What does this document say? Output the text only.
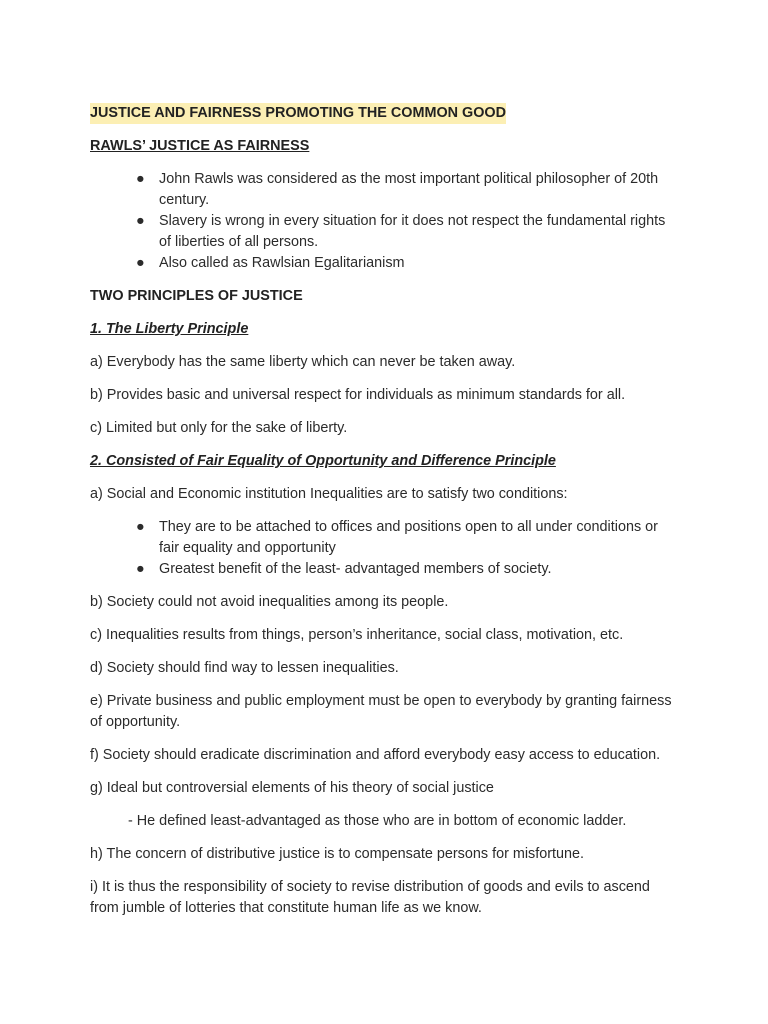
JUSTICE AND FAIRNESS PROMOTING THE COMMON GOOD

RAWLS’ JUSTICE AS FAIRNESS

● John Rawls was considered as the most important political philosopher of 20th century.
● Slavery is wrong in every situation for it does not respect the fundamental rights of liberties of all persons.
● Also called as Rawlsian Egalitarianism

TWO PRINCIPLES OF JUSTICE

1. The Liberty Principle

a) Everybody has the same liberty which can never be taken away.

b) Provides basic and universal respect for individuals as minimum standards for all.

c) Limited but only for the sake of liberty.

2. Consisted of Fair Equality of Opportunity and Difference Principle

a) Social and Economic institution Inequalities are to satisfy two conditions:

● They are to be attached to offices and positions open to all under conditions or fair equality and opportunity
● Greatest benefit of the least- advantaged members of society.

b) Society could not avoid inequalities among its people.

c) Inequalities results from things, person’s inheritance, social class, motivation, etc.

d) Society should find way to lessen inequalities.

e) Private business and public employment must be open to everybody by granting fairness of opportunity.

f) Society should eradicate discrimination and afford everybody easy access to education.

g) Ideal but controversial elements of his theory of social justice

- He defined least-advantaged as those who are in bottom of economic ladder.

h) The concern of distributive justice is to compensate persons for misfortune.

i) It is thus the responsibility of society to revise distribution of goods and evils to ascend from jumble of lotteries that constitute human life as we know.
